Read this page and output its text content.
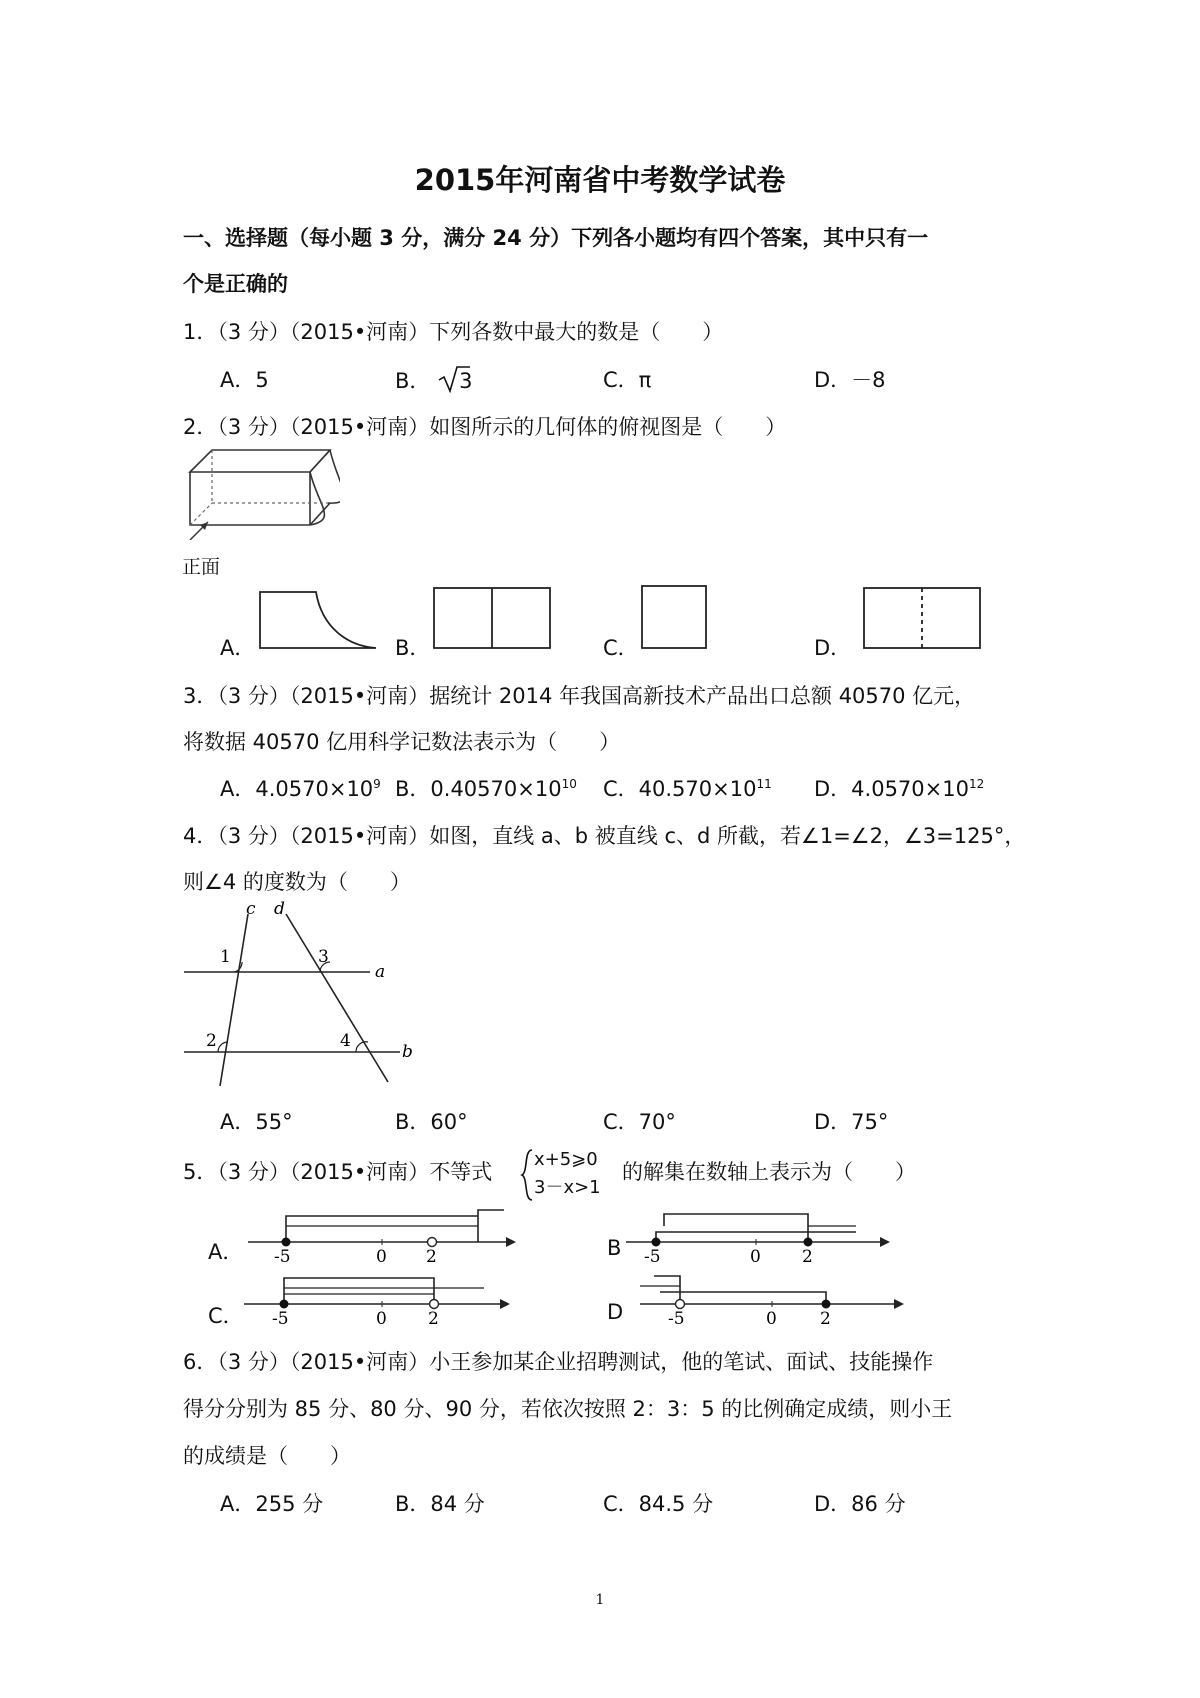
2015年河南省中考数学试卷
一、选择题（每小题 3 分，满分 24 分）下列各小题均有四个答案，其中只有一
个是正确的
1．（3 分）（2015•河南）下列各数中最大的数是（　　）
A．5	B． 3	C．π	D．－8
2．（3 分）（2015•河南）如图所示的几何体的俯视图是（　　）
正面
A．	B．	C．	D．
3．（3 分）（2015•河南）据统计 2014 年我国高新技术产品出口总额 40570 亿元，
将数据 40570 亿用科学记数法表示为（　　）
A．$4.0570\times 10^9$ B．$0.40570\times 10^{10}$ C．$40.570\times 10^{11}$ D．$4.0570\times 10^{12}$
4．（3 分）（2015•河南）如图，直线 a、b 被直线 c、d 所截，若∠1=∠2，∠3=125°，
则∠4 的度数为（　　）
c d
a
b
1
2
3
4
A．55°	B．60°	C．70°	D．75°
5．（3 分）（2015•河南）不等式
x+5⩾0
3－x>1
的解集在数轴上表示为（　　）
A． -5	0 2	B -5	0 2
C． -5	0 2	D	-5	0	2
6．（3 分）（2015•河南）小王参加某企业招聘测试，他的笔试、面试、技能操作
得分分别为 85 分、80 分、90 分，若依次按照 2：3：5 的比例确定成绩，则小王
的成绩是（　　）
A．255 分	B．84 分	C．84.5 分	D．86 分
1
